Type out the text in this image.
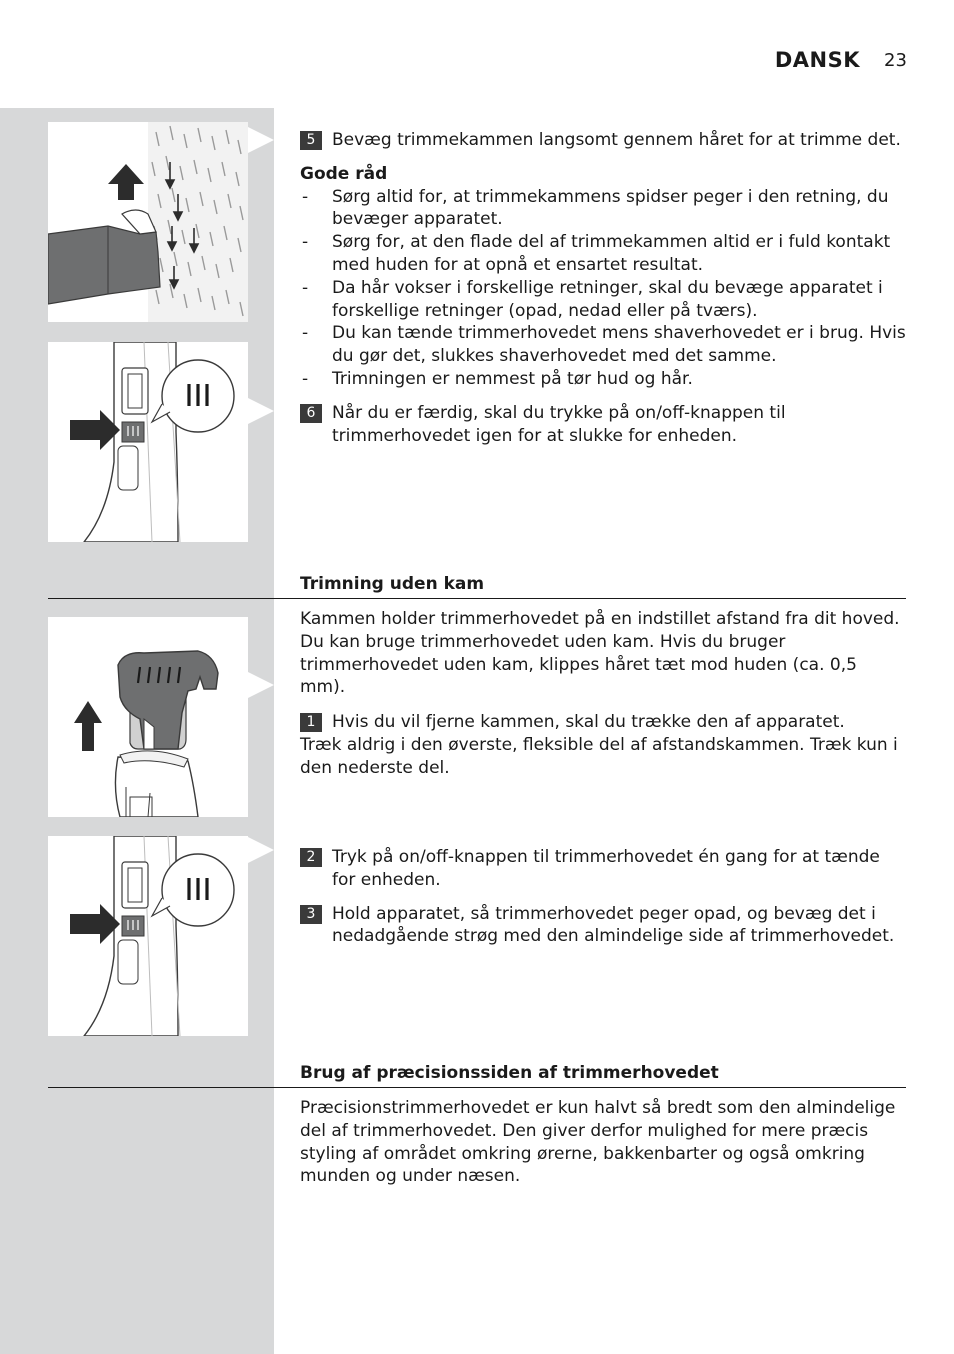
DANSK 23
5 Bevæg trimmekammen langsomt gennem håret for at trimme det.
Gode råd
- Sørg altid for, at trimmekammens spidser peger i den retning, du bevæger apparatet.
- Sørg for, at den flade del af trimmekammen altid er i fuld kontakt med huden for at opnå et ensartet resultat.
- Da hår vokser i forskellige retninger, skal du bevæge apparatet i forskellige retninger (opad, nedad eller på tværs).
- Du kan tænde trimmerhovedet mens shaverhovedet er i brug. Hvis du gør det, slukkes shaverhovedet med det samme.
- Trimningen er nemmest på tør hud og hår.
6 Når du er færdig, skal du trykke på on/off-knappen til trimmerhovedet igen for at slukke for enheden.
Trimning uden kam

Kammen holder trimmerhovedet på en indstillet afstand fra dit hoved. Du kan bruge trimmerhovedet uden kam. Hvis du bruger trimmerhovedet uden kam, klippes håret tæt mod huden (ca. 0,5 mm).

1 Hvis du vil fjerne kammen, skal du trække den af apparatet.

Træk aldrig i den øverste, fleksible del af afstandskammen. Træk kun i den nederste del.

2 Tryk på on/off-knappen til trimmerhovedet én gang for at tænde for enheden.
3 Hold apparatet, så trimmerhovedet peger opad, og bevæg det i nedadgående strøg med den almindelige side af trimmerhovedet.
Brug af præcisionssiden af trimmerhovedet

Præcisionstrimmerhovedet er kun halvt så bredt som den almindelige del af trimmerhovedet. Den giver derfor mulighed for mere præcis styling af området omkring ørerne, bakkenbarter og også omkring munden og under næsen.
